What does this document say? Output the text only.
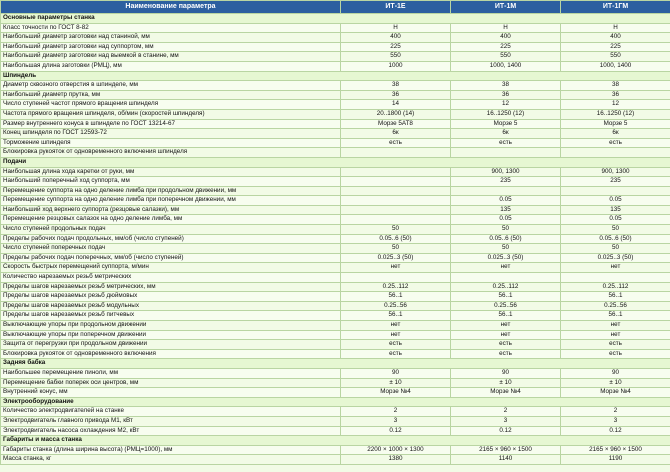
Наименование параметра	ИТ-1Е	ИТ-1М	ИТ-1ГМ
Основные параметры станка			
Класс точности по ГОСТ 8-82	Н	Н	Н
Наибольший диаметр заготовки над станиной, мм	400	400	400
Наибольший диаметр заготовки над суппортом, мм	225	225	225
Наибольший диаметр заготовки над выемкой в станине, мм	550	550	550
Наибольшая длина заготовки (РМЦ), мм	1000	1000, 1400	1000, 1400
Шпиндель			
Диаметр сквозного отверстия в шпинделе, мм	38	38	38
Наибольший диаметр прутка, мм	36	36	36
Число ступеней частот прямого вращения шпинделя	14	12	12
Частота прямого вращения шпинделя, об/мин (скоростей шпинделя)	20..1800 (14)	16..1250 (12)	16..1250 (12)
Размер внутреннего конуса в шпинделе по ГОСТ 13214-67	Морзе 5АТ8	Морзе 5	Морзе 5
Конец шпинделя по ГОСТ 12593-72	6к	6к	6к
Торможение шпинделя	есть	есть	есть
Блокировка рукояток от одновременного включения шпинделя			
Подачи			
Наибольшая длина хода каретки от руки, мм		900, 1300	900, 1300
Наибольший поперечный ход суппорта, мм		235	235
Перемещение суппорта на одно деление лимба при продольном движении, мм			
Перемещение суппорта на одно деление лимба при поперечном движении, мм		0.05	0.05
Наибольший ход верхнего суппорта (резцовые салазки), мм		135	135
Перемещение резцовых салазок на одно деление лимба, мм		0.05	0.05
Число ступеней продольных подач	50	50	50
Пределы рабочих подач продольных, мм/об (число ступеней)	0.05..6 (50)	0.05..6 (50)	0.05..6 (50)
Число ступеней поперечных подач	50	50	50
Пределы рабочих подач поперечных, мм/об (число ступеней)	0.025..3 (50)	0.025..3 (50)	0.025..3 (50)
Скорость быстрых перемещений суппорта, м/мин	нет	нет	нет
Количество нарезаемых резьб метрических			
Пределы шагов нарезаемых резьб метрических, мм	0.25..112	0.25..112	0.25..112
Пределы шагов нарезаемых резьб дюймовых	56..1	56..1	56..1
Пределы шагов нарезаемых резьб модульных	0.25..56	0.25..56	0.25..56
Пределы шагов нарезаемых резьб питчевых	56..1	56..1	56..1
Выключающие упоры при продольном движении	нет	нет	нет
Выключающие упоры при поперечном движении	нет	нет	нет
Защита от перегрузки при продольном движении	есть	есть	есть
Блокировка рукояток от одновременного включения	есть	есть	есть
Задняя бабка			
Наибольшее перемещение пиноли, мм	90	90	90
Перемещение бабки поперек оси центров, мм	± 10	± 10	± 10
Внутренний конус, мм	Морзе №4	Морзе №4	Морзе №4
Электрооборудование			
Количество электродвигателей на станке	2	2	2
Электродвигатель главного привода М1, кВт	3	3	3
Электродвигатель насоса охлаждения М2, кВт	0.12	0.12	0.12
Габариты и масса станка			
Габариты станка (длина ширина высота) (РМЦ=1000), мм	2200 × 1000 × 1300	2165 × 960 × 1500	2165 × 960 × 1500
Масса станка, кг	1380	1140	1190
